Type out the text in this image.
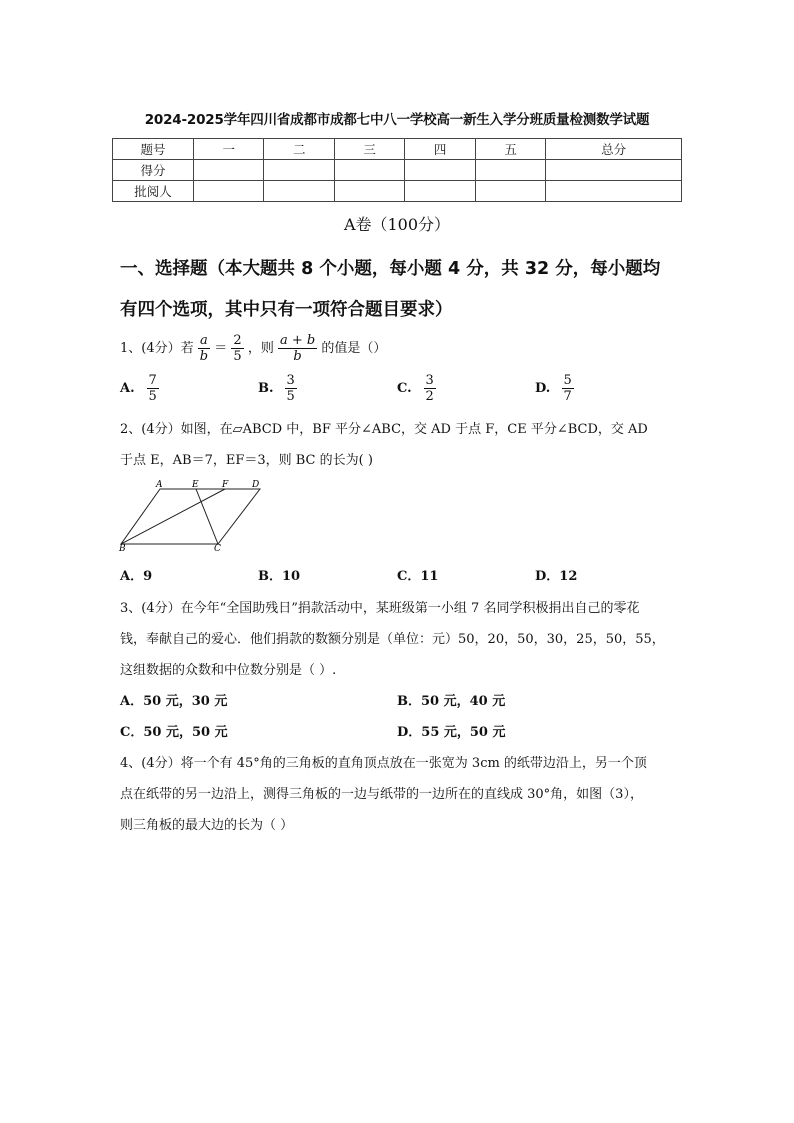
2024-2025学年四川省成都市成都七中八一学校高一新生入学分班质量检测数学试题
题号	一	二	三	四	五	总分
得分						
批阅人						
A卷（100分）
一、选择题（本大题共 8 个小题，每小题 4 分，共 32 分，每小题均
有四个选项，其中只有一项符合题目要求）
1、(4分）若 $\frac{a}{b} = \frac{2}{5}$ ，则 $\frac{a + b}{b}$ 的值是（）
A. $\frac{7}{5}$	B. $\frac{3}{5}$	C. $\frac{3}{2}$	D. $\frac{5}{7}$
2、(4分）如图，在▱ABCD 中，BF 平分∠ABC，交 AD 于点 F，CE 平分∠BCD，交 AD
于点 E，AB＝7，EF＝3，则 BC 的长为( )
A	E	F	D
B	C
A．9	B．10	C．11	D．12
3、(4分）在今年“全国助残日”捐款活动中，某班级第一小组 7 名同学积极捐出自己的零花
钱，奉献自己的爱心．他们捐款的数额分别是（单位：元）50，20，50，30，25，50，55，
这组数据的众数和中位数分别是（ ）.
A．50 元，30 元	B．50 元，40 元
C．50 元，50 元	D．55 元，50 元
4、(4分）将一个有 45°角的三角板的直角顶点放在一张宽为 3cm 的纸带边沿上，另一个顶
点在纸带的另一边沿上，测得三角板的一边与纸带的一边所在的直线成 30°角，如图（3），
则三角板的最大边的长为（ ）
